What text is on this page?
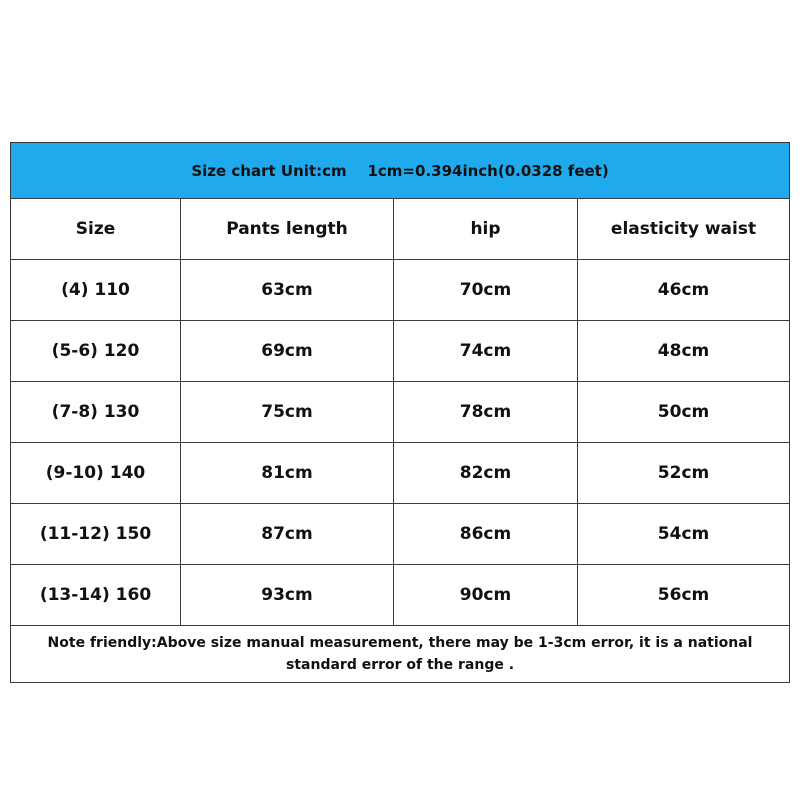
Size chart Unit:cm    1cm=0.394inch(0.0328 feet)			
Size	Pants length	hip	elasticity waist
(4) 110	63cm	70cm	46cm
(5-6) 120	69cm	74cm	48cm
(7-8) 130	75cm	78cm	50cm
(9-10) 140	81cm	82cm	52cm
(11-12) 150	87cm	86cm	54cm
(13-14) 160	93cm	90cm	56cm
Note friendly:Above size manual measurement, there may be 1-3cm error, it is a national standard error of the range .			
